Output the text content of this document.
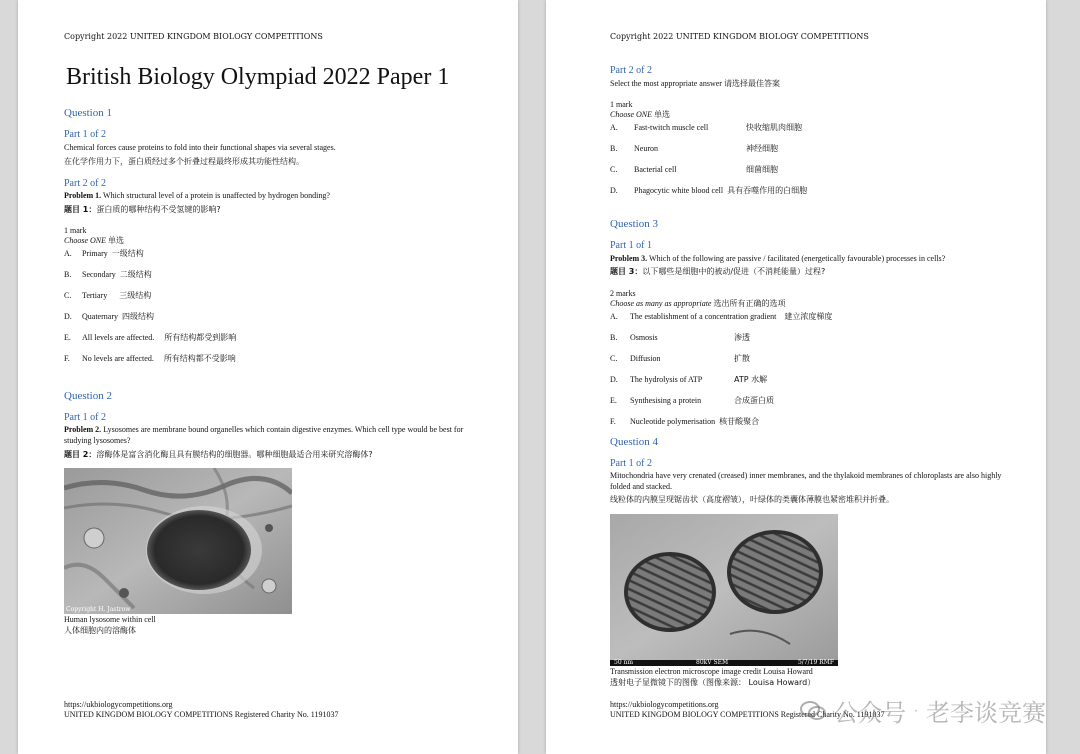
Copyright 2022 UNITED KINGDOM BIOLOGY COMPETITIONS
British Biology Olympiad 2022 Paper 1
Question 1
Part 1 of 2
Chemical forces cause proteins to fold into their functional shapes via several stages.
在化学作用力下，蛋白质经过多个折叠过程最终形成其功能性结构。
Part 2 of 2
Problem 1. Which structural level of a protein is unaffected by hydrogen bonding?
题目 1：蛋白质的哪种结构不受氢键的影响?
1 mark
Choose ONE 单选
A. Primary 一级结构
B. Secondary 二级结构
C. Tertiary 三级结构
D. Quaternary 四级结构
E. All levels are affected. 所有结构都受到影响
F. No levels are affected. 所有结构都不受影响
Question 2
Part 1 of 2
Problem 2. Lysosomes are membrane bound organelles which contain digestive enzymes. Which cell type would be best for studying lysosomes?
题目 2：溶酶体是富含消化酶且具有膜结构的细胞器。哪种细胞最适合用来研究溶酶体?
Copyright H. Jastrow
Human lysosome within cell
人体细胞内的溶酶体
https://ukbiologycompetitions.org
UNITED KINGDOM BIOLOGY COMPETITIONS Registered Charity No. 1191037
Copyright 2022 UNITED KINGDOM BIOLOGY COMPETITIONS
Part 2 of 2
Select the most appropriate answer 请选择最佳答案
1 mark
Choose ONE 单选
A. Fast-twitch muscle cell	快收缩肌肉细胞
B. Neuron	神经细胞
C. Bacterial cell	细菌细胞
D. Phagocytic white blood cell 具有吞噬作用的白细胞
Question 3
Part 1 of 1
Problem 3. Which of the following are passive / facilitated (energetically favourable) processes in cells?
题目 3：以下哪些是细胞中的被动/促进（不消耗能量）过程?
2 marks
Choose as many as appropriate 选出所有正确的选项
A. The establishment of a concentration gradient 建立浓度梯度
B. Osmosis	渗透
C. Diffusion	扩散
D. The hydrolysis of ATP	ATP 水解
E. Synthesising a protein	合成蛋白质
F. Nucleotide polymerisation 核苷酸聚合
Question 4
Part 1 of 2
Mitochondria have very crenated (creased) inner membranes, and the thylakoid membranes of chloroplasts are also highly folded and stacked.
线粒体的内膜呈现锯齿状（高度褶皱），叶绿体的类囊体薄膜也紧密堆积并折叠。
50 nm	80kV SEM	5/7/19 RMF
Transmission electron microscope image credit Louisa Howard
透射电子显微镜下的图像（图像来源： Louisa Howard）
https://ukbiologycompetitions.org
UNITED KINGDOM BIOLOGY COMPETITIONS Registered Charity No. 1191037
公众号 · 老李谈竞赛
